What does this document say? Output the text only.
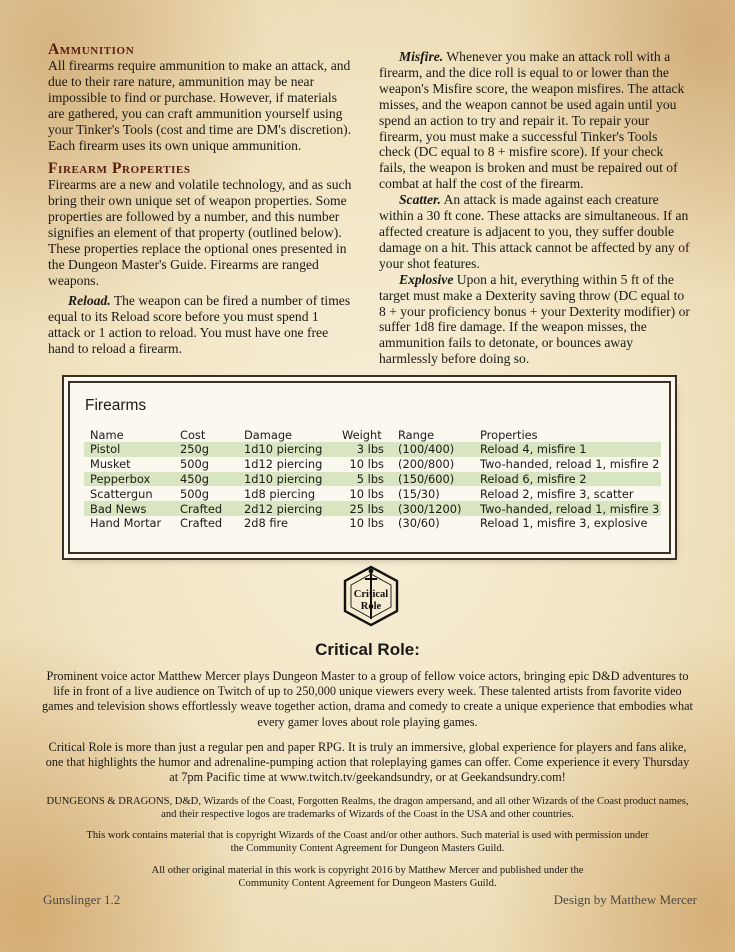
Ammunition

All firearms require ammunition to make an attack, and due to their rare nature, ammunition may be near impossible to find or purchase. However, if materials are gathered, you can craft ammunition yourself using your Tinker's Tools (cost and time are DM's discretion). Each firearm uses its own unique ammunition.

Firearm Properties

Firearms are a new and volatile technology, and as such bring their own unique set of weapon properties. Some properties are followed by a number, and this number signifies an element of that property (outlined below). These properties replace the optional ones presented in the Dungeon Master's Guide. Firearms are ranged weapons.

Reload. The weapon can be fired a number of times equal to its Reload score before you must spend 1 attack or 1 action to reload. You must have one free hand to reload a firearm.

Misfire. Whenever you make an attack roll with a firearm, and the dice roll is equal to or lower than the weapon's Misfire score, the weapon misfires. The attack misses, and the weapon cannot be used again until you spend an action to try and repair it. To repair your firearm, you must make a successful Tinker's Tools check (DC equal to 8 + misfire score). If your check fails, the weapon is broken and must be repaired out of combat at half the cost of the firearm.

Scatter. An attack is made against each creature within a 30 ft cone. These attacks are simultaneous. If an affected creature is adjacent to you, they suffer double damage on a hit. This attack cannot be affected by any of your shot features.

Explosive Upon a hit, everything within 5 ft of the target must make a Dexterity saving throw (DC equal to 8 + your proficiency bonus + your Dexterity modifier) or suffer 1d8 fire damage. If the weapon misses, the ammunition fails to detonate, or bounces away harmlessly before doing so.

Firearms
Name	Cost	Damage	Weight	Range	Properties
Pistol	250g	1d10 piercing	3 lbs	(100/400)	Reload 4, misfire 1
Musket	500g	1d12 piercing	10 lbs	(200/800)	Two-handed, reload 1, misfire 2
Pepperbox	450g	1d10 piercing	5 lbs	(150/600)	Reload 6, misfire 2
Scattergun	500g	1d8 piercing	10 lbs	(15/30)	Reload 2, misfire 3, scatter
Bad News	Crafted	2d12 piercing	25 lbs	(300/1200)	Two-handed, reload 1, misfire 3
Hand Mortar	Crafted	2d8 fire	10 lbs	(30/60)	Reload 1, misfire 3, explosive
Critical
Role
Critical Role:

Prominent voice actor Matthew Mercer plays Dungeon Master to a group of fellow voice actors, bringing epic D&D adventures to life in front of a live audience on Twitch of up to 250,000 unique viewers every week. These talented artists from favorite video games and television shows effortlessly weave together action, drama and comedy to create a unique experience that embodies what every gamer loves about role playing games.

Critical Role is more than just a regular pen and paper RPG. It is truly an immersive, global experience for players and fans alike, one that highlights the humor and adrenaline-pumping action that roleplaying games can offer. Come experience it every Thursday at 7pm Pacific time at www.twitch.tv/geekandsundry, or at Geekandsundry.com!

DUNGEONS & DRAGONS, D&D, Wizards of the Coast, Forgotten Realms, the dragon ampersand, and all other Wizards of the Coast product names, and their respective logos are trademarks of Wizards of the Coast in the USA and other countries.

This work contains material that is copyright Wizards of the Coast and/or other authors. Such material is used with permission under the Community Content Agreement for Dungeon Masters Guild.

All other original material in this work is copyright 2016 by Matthew Mercer and published under the Community Content Agreement for Dungeon Masters Guild.

Gunslinger 1.2	Design by Matthew Mercer
